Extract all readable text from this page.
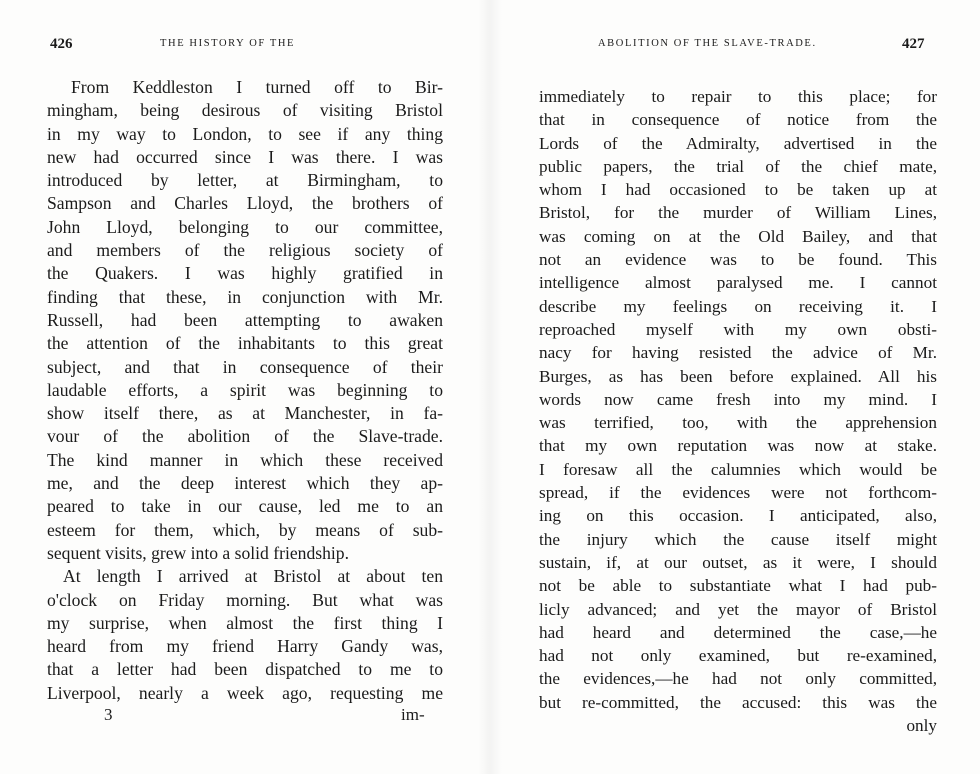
426	THE HISTORY OF THE
From Keddleston I turned off to Bir-
mingham, being desirous of visiting Bristol
in my way to London, to see if any thing
new had occurred since I was there. I was
introduced by letter, at Birmingham, to
Sampson and Charles Lloyd, the brothers of
John Lloyd, belonging to our committee,
and members of the religious society of
the Quakers. I was highly gratified in
finding that these, in conjunction with Mr.
Russell, had been attempting to awaken
the attention of the inhabitants to this great
subject, and that in consequence of their
laudable efforts, a spirit was beginning to
show itself there, as at Manchester, in fa-
vour of the abolition of the Slave-trade.
The kind manner in which these received
me, and the deep interest which they ap-
peared to take in our cause, led me to an
esteem for them, which, by means of sub-
sequent visits, grew into a solid friendship.
At length I arrived at Bristol at about ten
o'clock on Friday morning. But what was
my surprise, when almost the first thing I
heard from my friend Harry Gandy was,
that a letter had been dispatched to me to
Liverpool, nearly a week ago, requesting me
3	im-
ABOLITION OF THE SLAVE-TRADE.	427
immediately to repair to this place; for
that in consequence of notice from the
Lords of the Admiralty, advertised in the
public papers, the trial of the chief mate,
whom I had occasioned to be taken up at
Bristol, for the murder of William Lines,
was coming on at the Old Bailey, and that
not an evidence was to be found. This
intelligence almost paralysed me. I cannot
describe my feelings on receiving it. I
reproached myself with my own obsti-
nacy for having resisted the advice of Mr.
Burges, as has been before explained. All his
words now came fresh into my mind. I
was terrified, too, with the apprehension
that my own reputation was now at stake.
I foresaw all the calumnies which would be
spread, if the evidences were not forthcom-
ing on this occasion. I anticipated, also,
the injury which the cause itself might
sustain, if, at our outset, as it were, I should
not be able to substantiate what I had pub-
licly advanced; and yet the mayor of Bristol
had heard and determined the case,—he
had not only examined, but re-examined,
the evidences,—he had not only committed,
but re-committed, the accused: this was the
only
